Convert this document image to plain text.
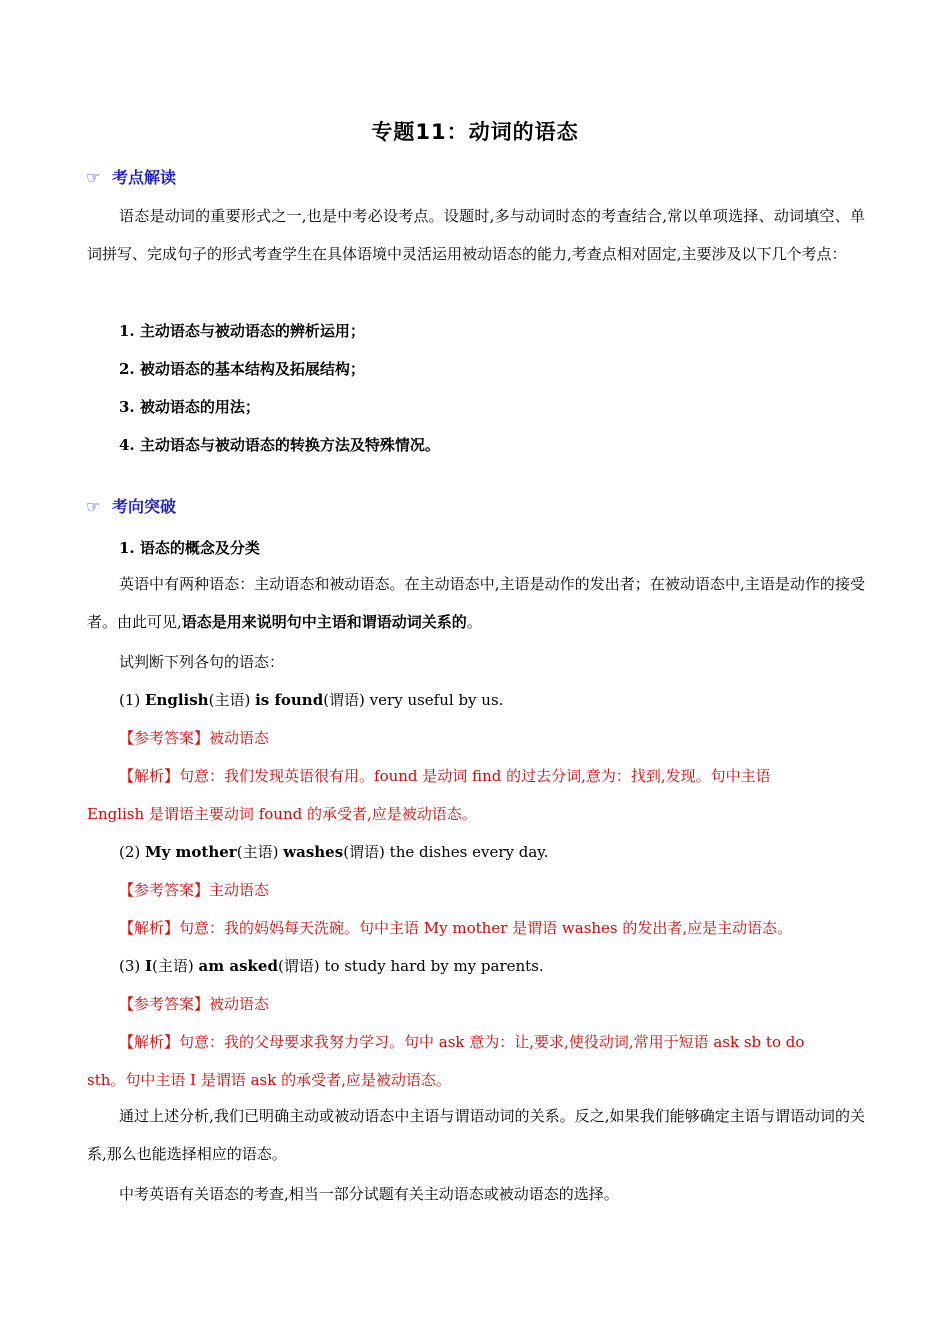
专题11：动词的语态
☞ 考点解读
语态是动词的重要形式之一,也是中考必设考点。设题时,多与动词时态的考查结合,常以单项选择、动词填空、单词拼写、完成句子的形式考查学生在具体语境中灵活运用被动语态的能力,考查点相对固定,主要涉及以下几个考点：
1. 主动语态与被动语态的辨析运用；
2. 被动语态的基本结构及拓展结构；
3. 被动语态的用法；
4. 主动语态与被动语态的转换方法及特殊情况。
☞ 考向突破
1. 语态的概念及分类
英语中有两种语态：主动语态和被动语态。在主动语态中,主语是动作的发出者；在被动语态中,主语是动作的接受者。由此可见,语态是用来说明句中主语和谓语动词关系的。
试判断下列各句的语态：
(1) English(主语) is found(谓语) very useful by us.
【参考答案】被动语态
【解析】句意：我们发现英语很有用。found 是动词 find 的过去分词,意为：找到,发现。句中主语
English 是谓语主要动词 found 的承受者,应是被动语态。
(2) My mother(主语) washes(谓语) the dishes every day.
【参考答案】主动语态
【解析】句意：我的妈妈每天洗碗。句中主语 My mother 是谓语 washes 的发出者,应是主动语态。
(3) I(主语) am asked(谓语) to study hard by my parents.
【参考答案】被动语态
【解析】句意：我的父母要求我努力学习。句中 ask 意为：让,要求,使役动词,常用于短语 ask sb to do
sth。句中主语 I 是谓语 ask 的承受者,应是被动语态。
通过上述分析,我们已明确主动或被动语态中主语与谓语动词的关系。反之,如果我们能够确定主语与谓语动词的关系,那么也能选择相应的语态。
中考英语有关语态的考查,相当一部分试题有关主动语态或被动语态的选择。
